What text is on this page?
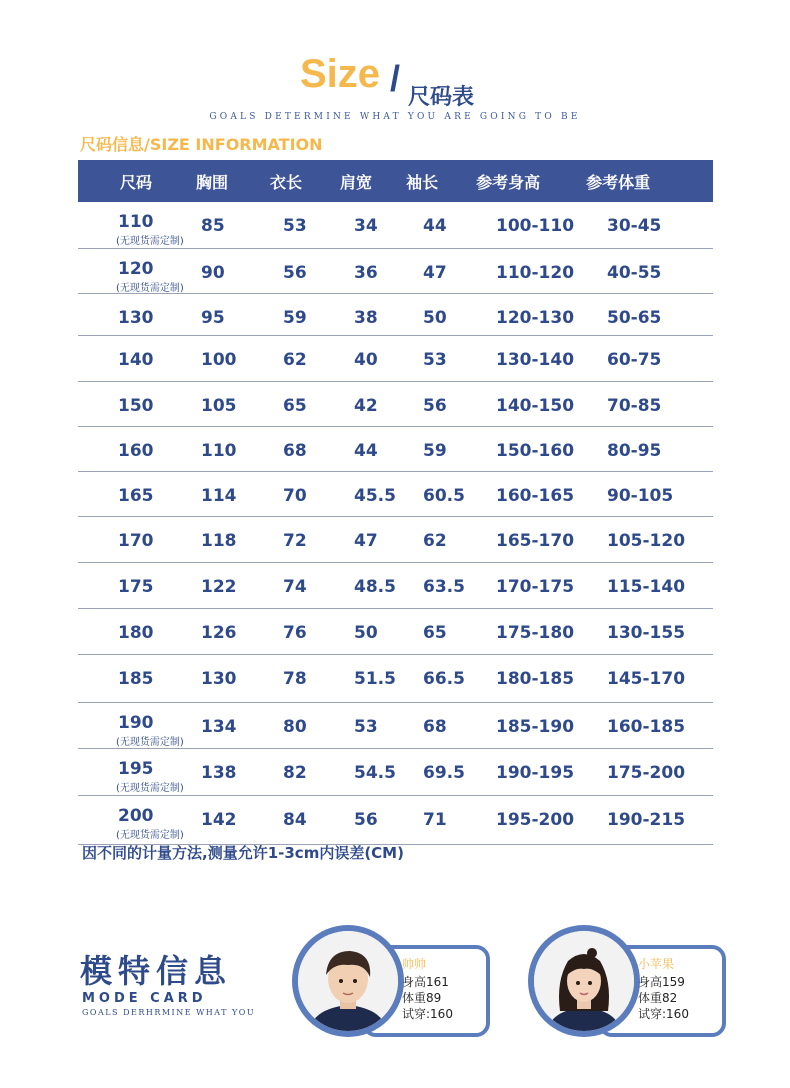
Size / 尺码表
GOALS DETERMINE WHAT YOU ARE GOING TO BE
尺码信息/SIZE INFORMATION
尺码	胸围	衣长 肩宽 袖长 参考身高	参考体重
110	85	53	34	44	100-110 30-45
(无现货需定制)
120	90	56	36	47	110-120 40-55
(无现货需定制)
130	95	59	38	50	120-130 50-65
140	100	62	40	53	130-140 60-75
150	105	65	42	56	140-150 70-85
160	110	68	44	59	150-160 80-95
165	114	70	45.5 60.5 160-165 90-105
170	118	72	47	62	165-170 105-120
175	122	74	48.5 63.5 170-175 115-140
180	126	76	50	65	175-180 130-155
185	130	78	51.5 66.5 180-185 145-170
190	134	80	53	68	185-190 160-185
(无现货需定制)
195	138	82	54.5 69.5 190-195 175-200
(无现货需定制)
200	142	84	56	71	195-200 190-215
(无现货需定制)
因不同的计量方法,测量允许1-3cm内误差(CM)
模特信息
MODE CARD
GOALS DERHRMINE WHAT YOU
帅帅
身高161
体重89
试穿:160
小苹果
身高159
体重82
试穿:160
